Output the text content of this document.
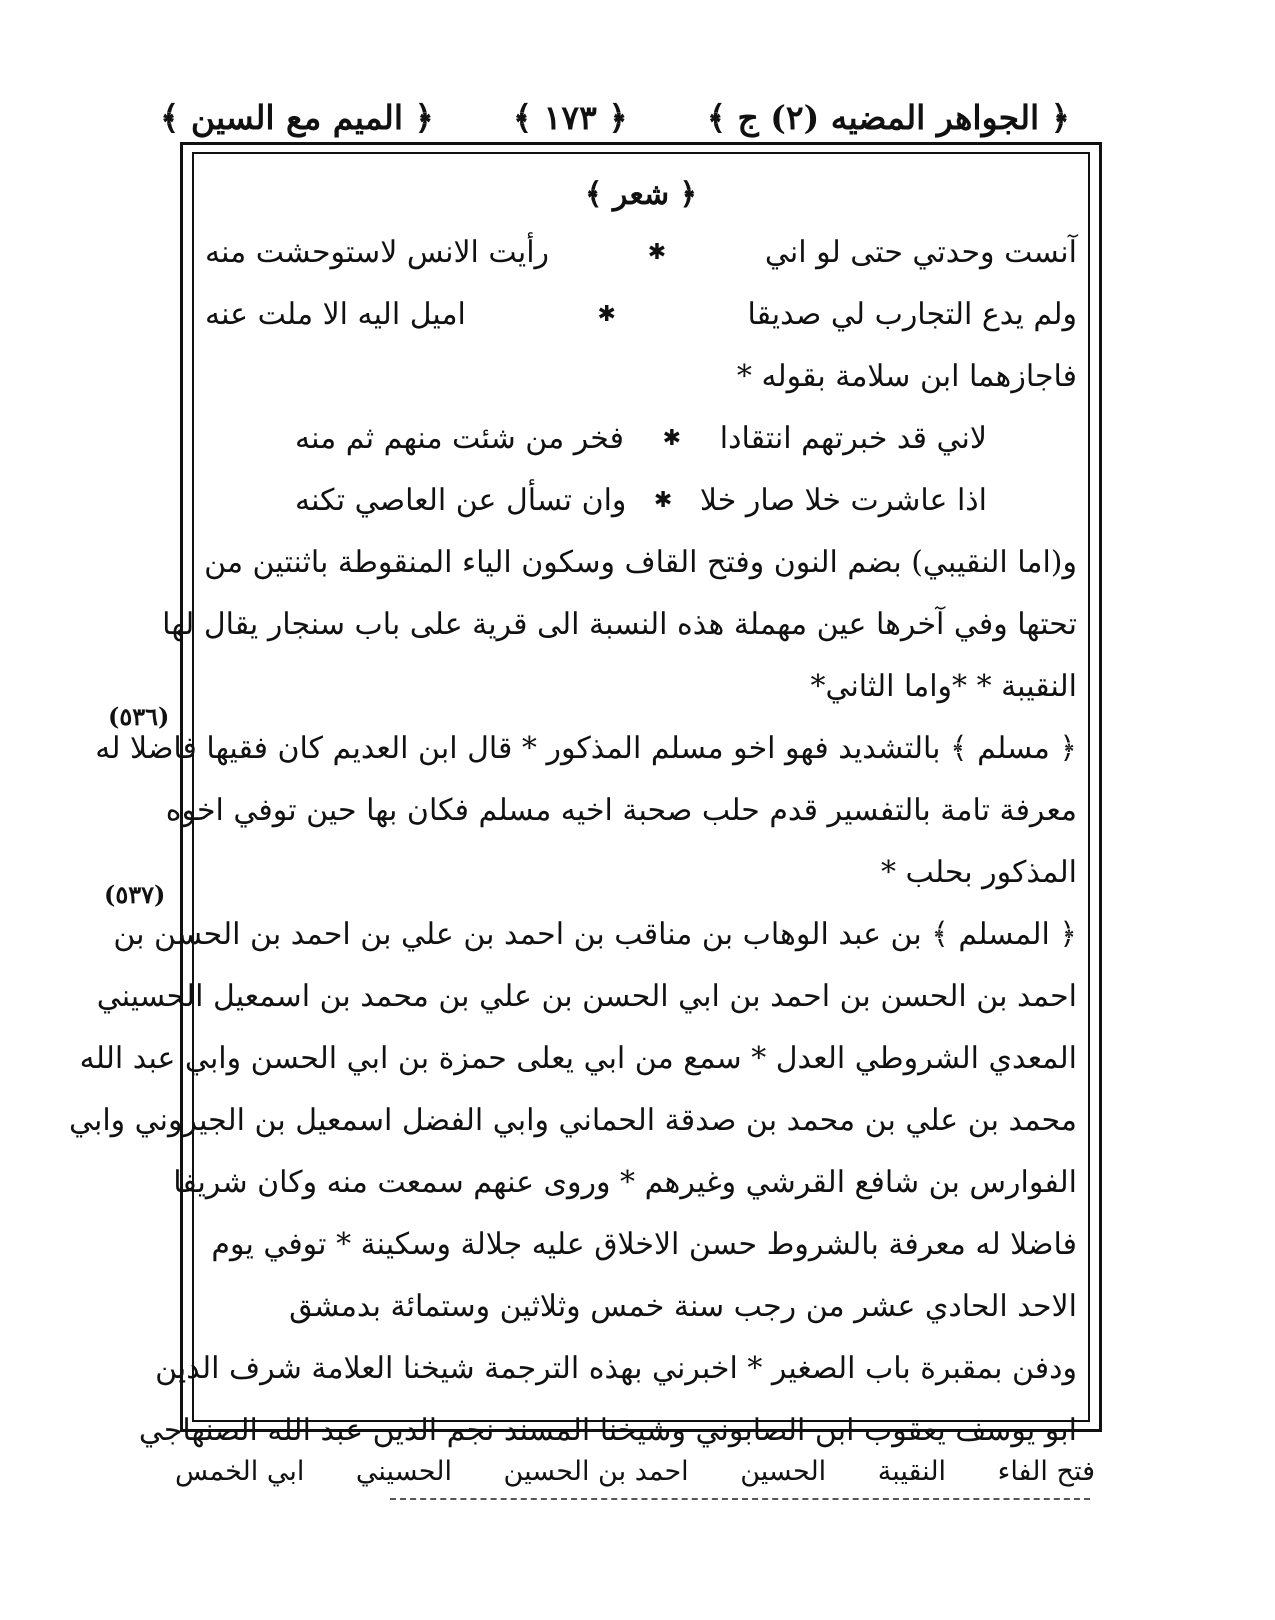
﴿ الميم مع السين ﴾ ﴿ ١٧٣ ﴾ ﴿ الجواهر المضيه (٢) ج ﴾
﴿ شعر ﴾
آنست وحدتي حتى لو اني
✱
رأيت الانس لاستوحشت منه
ولم يدع التجارب لي صديقا
✱
اميل اليه الا ملت عنه
فاجازهما ابن سلامة بقوله *
لاني قد خبرتهم انتقادا
✱
فخر من شئت منهم ثم منه
اذا عاشرت خلا صار خلا
✱
وان تسأل عن العاصي تكنه
و(اما النقيبي) بضم النون وفتح القاف وسكون الياء المنقوطة باثنتين من
تحتها وفي آخرها عين مهملة هذه النسبة الى قرية على باب سنجار يقال لها
النقيبة * *واما الثاني*
﴿ مسلم ﴾ بالتشديد فهو اخو مسلم المذكور * قال ابن العديم كان فقيها فاضلا له
معرفة تامة بالتفسير قدم حلب صحبة اخيه مسلم فكان بها حين توفي اخوه
المذكور بحلب *
﴿ المسلم ﴾ بن عبد الوهاب بن مناقب بن احمد بن علي بن احمد بن الحسن بن
احمد بن الحسن بن احمد بن ابي الحسن بن علي بن محمد بن اسمعيل الحسيني
المعدي الشروطي العدل * سمع من ابي يعلى حمزة بن ابي الحسن وابي عبد الله
محمد بن علي بن محمد بن صدقة الحماني وابي الفضل اسمعيل بن الجيروني وابي
الفوارس بن شافع القرشي وغيرهم * وروى عنهم سمعت منه وكان شريفا
فاضلا له معرفة بالشروط حسن الاخلاق عليه جلالة وسكينة * توفي يوم
الاحد الحادي عشر من رجب سنة خمس وثلاثين وستمائة بدمشق
ودفن بمقبرة باب الصغير * اخبرني بهذه الترجمة شيخنا العلامة شرف الدين
ابو يوسف يعقوب ابن الصابوني وشيخنا المسند نجم الدين عبد الله الصنهاجي
(٥٣٦)
(٥٣٧)
فتح الفاء
النقيبة
الحسين
احمد بن الحسين
الحسيني
ابي الخمس
